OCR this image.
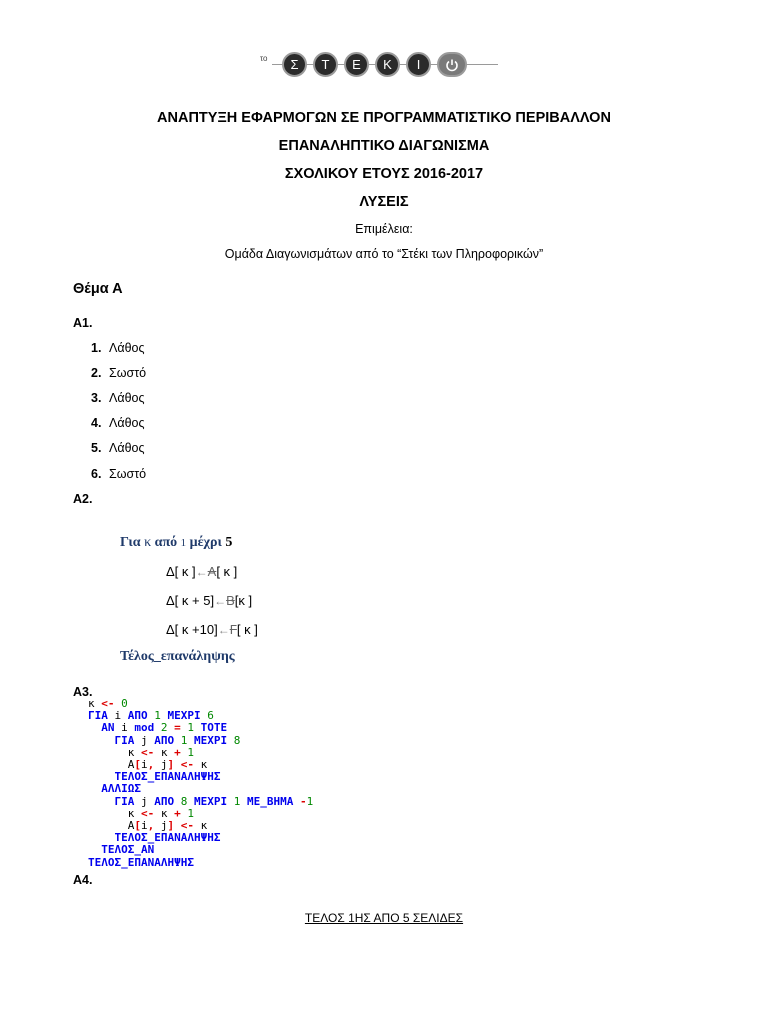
το	Σ	Τ	Ε	Κ	Ι
ΑΝΑΠΤΥΞΗ ΕΦΑΡΜΟΓΩΝ ΣΕ ΠΡΟΓΡΑΜΜΑΤΙΣΤΙΚΟ ΠΕΡΙΒΑΛΛΟΝ
ΕΠΑΝΑΛΗΠΤΙΚΟ ΔΙΑΓΩΝΙΣΜΑ
ΣΧΟΛΙΚΟΥ ΕΤΟΥΣ 2016-2017
ΛΥΣΕΙΣ
Επιμέλεια:
Ομάδα Διαγωνισμάτων από το “Στέκι των Πληροφορικών”
Θέμα Α
Α1.
1. Λάθος
2. Σωστό
3. Λάθος
4. Λάθος
5. Λάθος
6. Σωστό
Α2.
Για κ από 1 μέχρι 5
Δ[ κ ]←Α[ κ ]
Δ[ κ + 5]←Β[κ ]
Δ[ κ +10]←Γ[ κ ]
Τέλος_επανάληψης
Α3.
κ <- 0
ΓΙΑ i ΑΠΟ 1 ΜΕΧΡΙ 6
ΑΝ i mod 2 = 1 ΤΟΤΕ
ΓΙΑ j ΑΠΟ 1 ΜΕΧΡΙ 8
κ <- κ + 1
Α[i, j] <- κ
ΤΕΛΟΣ_ΕΠΑΝΑΛΗΨΗΣ
ΑΛΛΙΩΣ
ΓΙΑ j ΑΠΟ 8 ΜΕΧΡΙ 1 ΜΕ_ΒΗΜΑ -1
κ <- κ + 1
Α[i, j] <- κ
ΤΕΛΟΣ_ΕΠΑΝΑΛΗΨΗΣ
ΤΕΛΟΣ_ΑΝ
ΤΕΛΟΣ_ΕΠΑΝΑΛΗΨΗΣ
Α4.
ΤΕΛΟΣ 1ΗΣ ΑΠΟ 5 ΣΕΛΙΔΕΣ
